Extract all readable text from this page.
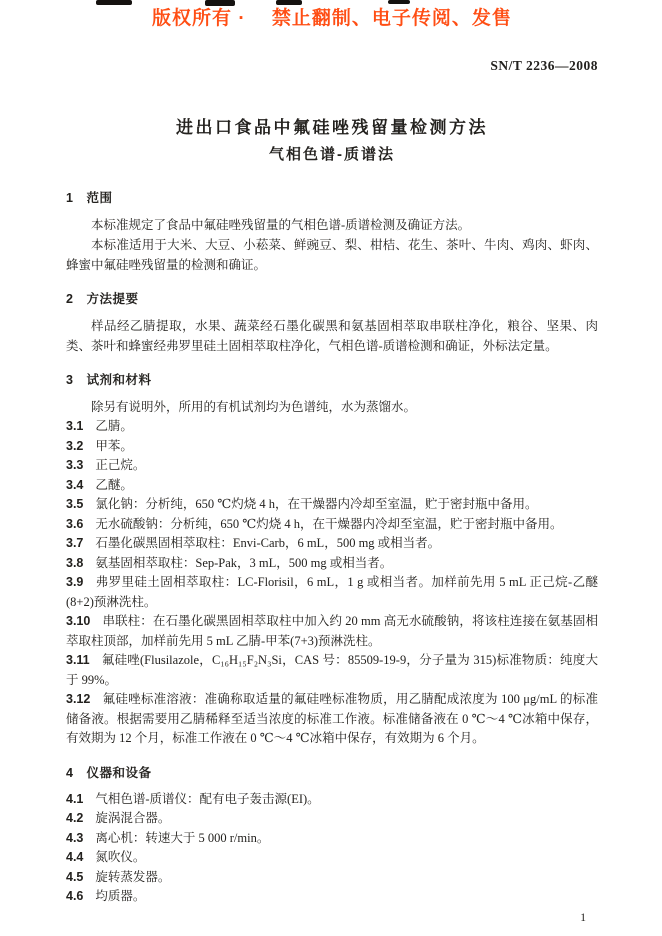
版权所有 ·　 禁止翻制、电子传阅、发售
SN/T 2236—2008
进出口食品中氟硅唑残留量检测方法
气相色谱-质谱法
1 范围

本标准规定了食品中氟硅唑残留量的气相色谱-质谱检测及确证方法。

本标准适用于大米、大豆、小菘菜、鲜豌豆、梨、柑桔、花生、茶叶、牛肉、鸡肉、虾肉、蜂蜜中氟硅唑残留量的检测和确证。

2 方法提要

样品经乙腈提取，水果、蔬菜经石墨化碳黑和氨基固相萃取串联柱净化，粮谷、坚果、肉类、茶叶和蜂蜜经弗罗里硅土固相萃取柱净化，气相色谱-质谱检测和确证，外标法定量。

3 试剂和材料

除另有说明外，所用的有机试剂均为色谱纯，水为蒸馏水。

3.1 乙腈。

3.2 甲苯。

3.3 正己烷。

3.4 乙醚。

3.5 氯化钠：分析纯，650 ℃灼烧 4 h，在干燥器内冷却至室温，贮于密封瓶中备用。

3.6 无水硫酸钠：分析纯，650 ℃灼烧 4 h，在干燥器内冷却至室温，贮于密封瓶中备用。

3.7 石墨化碳黑固相萃取柱：Envi-Carb，6 mL，500 mg 或相当者。

3.8 氨基固相萃取柱：Sep-Pak，3 mL，500 mg 或相当者。

3.9 弗罗里硅土固相萃取柱：LC-Florisil，6 mL，1 g 或相当者。加样前先用 5 mL 正己烷-乙醚(8+2)预淋洗柱。

3.10 串联柱：在石墨化碳黑固相萃取柱中加入约 20 mm 高无水硫酸钠，将该柱连接在氨基固相萃取柱顶部，加样前先用 5 mL 乙腈-甲苯(7+3)预淋洗柱。

3.11 氟硅唑(Flusilazole，C₁₆H₁₅F₂N₃Si，CAS 号：85509-19-9，分子量为 315)标准物质：纯度大于 99%。

3.12 氟硅唑标准溶液：准确称取适量的氟硅唑标准物质，用乙腈配成浓度为 100 μg/mL 的标准储备液。根据需要用乙腈稀释至适当浓度的标准工作液。标准储备液在 0 ℃～4 ℃冰箱中保存，有效期为 12 个月，标准工作液在 0 ℃～4 ℃冰箱中保存，有效期为 6 个月。

4 仪器和设备

4.1 气相色谱-质谱仪：配有电子轰击源(EI)。

4.2 旋涡混合器。

4.3 离心机：转速大于 5 000 r/min。

4.4 氮吹仪。

4.5 旋转蒸发器。

4.6 均质器。

1
